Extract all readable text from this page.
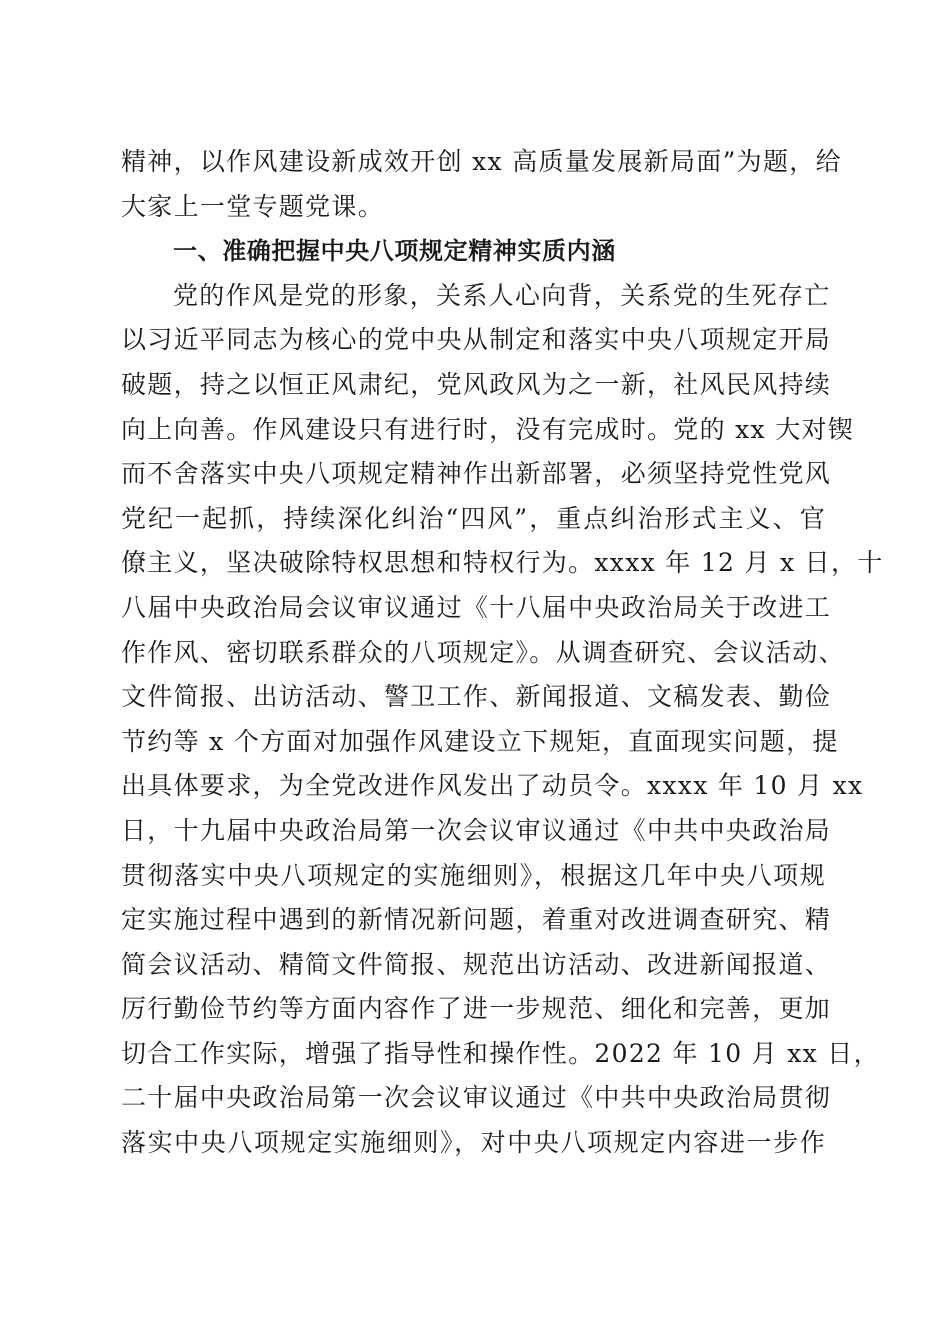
精神，以作风建设新成效开创 xx 高质量发展新局面”为题，给
大家上一堂专题党课。
一、准确把握中央八项规定精神实质内涵
党的作风是党的形象，关系人心向背，关系党的生死存亡
以习近平同志为核心的党中央从制定和落实中央八项规定开局
破题，持之以恒正风肃纪，党风政风为之一新，社风民风持续
向上向善。作风建设只有进行时，没有完成时。党的 xx 大对锲
而不舍落实中央八项规定精神作出新部署，必须坚持党性党风
党纪一起抓，持续深化纠治“四风”，重点纠治形式主义、官
僚主义，坚决破除特权思想和特权行为。xxxx 年 12 月 x 日，十
八届中央政治局会议审议通过《十八届中央政治局关于改进工
作作风、密切联系群众的八项规定》。从调查研究、会议活动、
文件简报、出访活动、警卫工作、新闻报道、文稿发表、勤俭
节约等 x 个方面对加强作风建设立下规矩，直面现实问题，提
出具体要求，为全党改进作风发出了动员令。xxxx 年 10 月 xx
日，十九届中央政治局第一次会议审议通过《中共中央政治局
贯彻落实中央八项规定的实施细则》，根据这几年中央八项规
定实施过程中遇到的新情况新问题，着重对改进调查研究、精
简会议活动、精简文件简报、规范出访活动、改进新闻报道、
厉行勤俭节约等方面内容作了进一步规范、细化和完善，更加
切合工作实际，增强了指导性和操作性。2022 年 10 月 xx 日，
二十届中央政治局第一次会议审议通过《中共中央政治局贯彻
落实中央八项规定实施细则》，对中央八项规定内容进一步作
